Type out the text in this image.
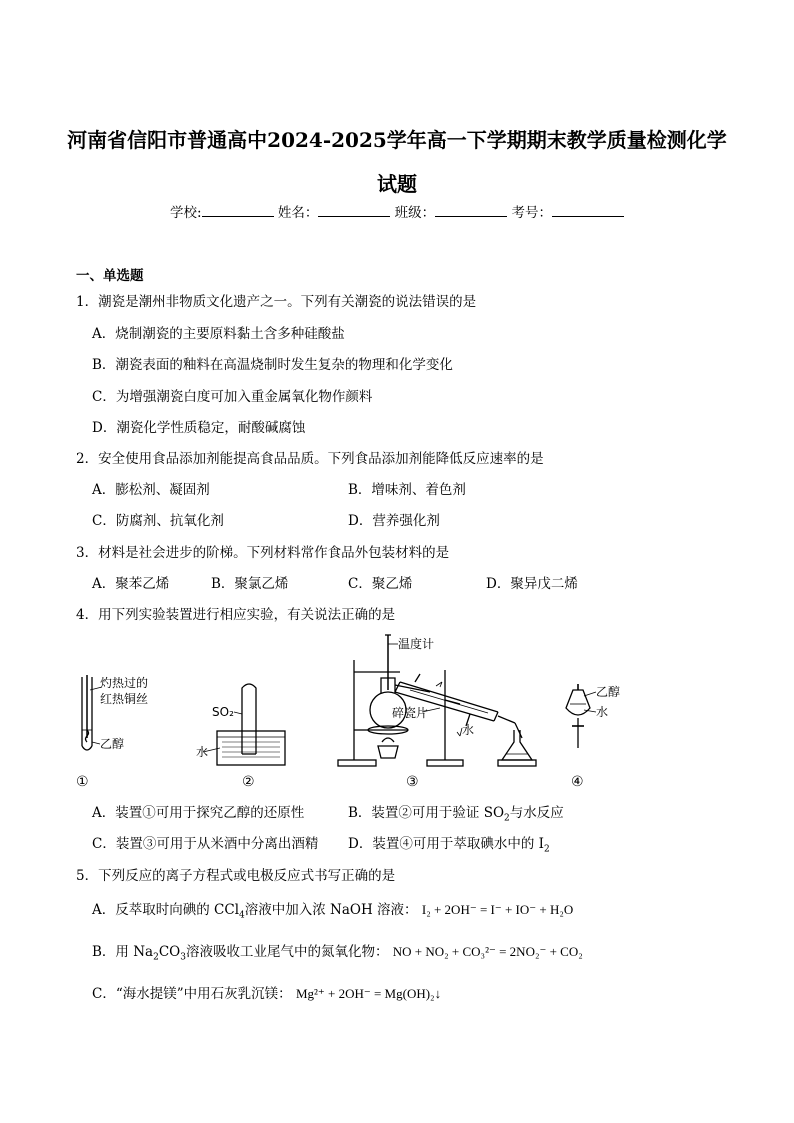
河南省信阳市普通高中2024-2025学年高一下学期期末教学质量检测化学
试题
学校:	姓名：	班级：	考号：
一、单选题
1．潮瓷是潮州非物质文化遗产之一。下列有关潮瓷的说法错误的是
A．烧制潮瓷的主要原料黏土含多种硅酸盐
B．潮瓷表面的釉料在高温烧制时发生复杂的物理和化学变化
C．为增强潮瓷白度可加入重金属氧化物作颜料
D．潮瓷化学性质稳定，耐酸碱腐蚀
2．安全使用食品添加剂能提高食品品质。下列食品添加剂能降低反应速率的是
A．膨松剂、凝固剂	B．增味剂、着色剂
C．防腐剂、抗氧化剂	D．营养强化剂
3．材料是社会进步的阶梯。下列材料常作食品外包装材料的是
A．聚苯乙烯	B．聚氯乙烯	C．聚乙烯	D．聚异戊二烯
4．用下列实验装置进行相应实验，有关说法正确的是
灼热过的
红热铜丝
乙醇
SO₂
水
温度计
碎瓷片
水
乙醇
水
①	②	③	④
A．装置①可用于探究乙醇的还原性	B．装置②可用于验证 $SO_2$与水反应
C．装置③可用于从米酒中分离出酒精 D．装置④可用于萃取碘水中的 $I_2$
5．下列反应的离子方程式或电极反应式书写正确的是
A．反萃取时向碘的 CCl$_4$溶液中加入浓 NaOH 溶液： I₂ + 2OH⁻ = I⁻ + IO⁻ + H₂O
B．用 $Na_2CO_3$溶液吸收工业尾气中的氮氧化物： NO + NO₂ + CO₃²⁻ = 2NO₂⁻ + CO₂
C．“海水提镁”中用石灰乳沉镁： Mg²⁺ + 2OH⁻ = Mg(OH)₂↓
